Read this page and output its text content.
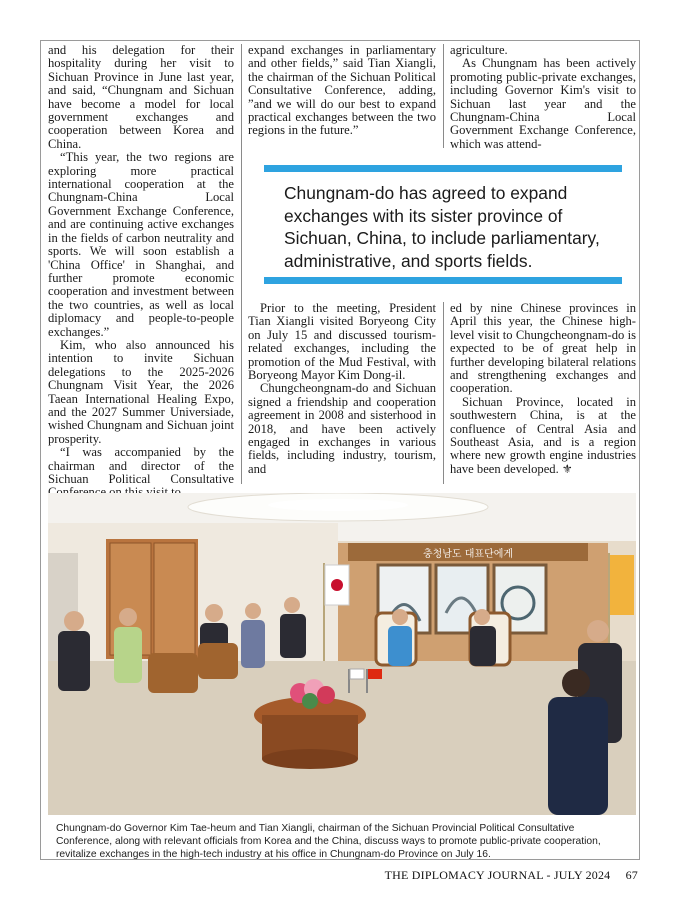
and his delegation for their hospitality during her visit to Sichuan Province in June last year, and said, “Chungnam and Sichuan have become a model for local government exchanges and cooperation between Korea and China.

“This year, the two regions are exploring more practical international cooperation at the Chungnam-China Local Government Exchange Conference, and are continuing active exchanges in the fields of carbon neutrality and sports. We will soon establish a 'China Office' in Shanghai, and further promote economic cooperation and investment between the two countries, as well as local diplomacy and people-to-people exchanges.”

Kim, who also announced his intention to invite Sichuan delegations to the 2025-2026 Chungnam Visit Year, the 2026 Taean International Healing Expo, and the 2027 Summer Universiade, wished Chungnam and Sichuan joint prosperity.

“I was accompanied by the chairman and director of the Sichuan Political Consultative

expand exchanges in parliamentary and other fields,” said Tian Xiangli, the chairman of the Sichuan Political Consultative Conference, adding, ”and we will do our best to expand practical exchanges between the two regions in the future.”

agriculture.

As Chungnam has been actively promoting public-private exchanges, including Governor Kim's visit to Sichuan last year and the Chungnam-China Local Government Exchange Conference, which was attend-

Chungnam-do has agreed to expand exchanges with its sister province of Sichuan, China, to include parliamentary, administrative, and sports fields.

Prior to the meeting, President Tian Xiangli visited Boryeong City on July 15 and discussed tourism-related exchanges, including the promotion of the Mud Festival, with Boryeong Mayor Kim Dong-il.

Chungcheongnam-do and Sichuan signed a friendship and cooperation agreement in 2008 and sisterhood in 2018, and have been actively engaged in exchanges in various fields, including industry, tourism, and

ed by nine Chinese provinces in April this year, the Chinese high-level visit to Chungcheongnam-do is expected to be of great help in further developing bilateral relations and strengthening exchanges and cooperation.

Sichuan Province, located in southwestern China, is at the confluence of Central Asia and Southeast Asia, and is a region where new growth engine industries have been developed. ⚜

충청남도 대표단에게
Chungnam-do Governor Kim Tae-heum and Tian Xiangli, chairman of the Sichuan Provincial Political Consultative Conference, along with relevant officials from Korea and the China, discuss ways to promote public-private cooperation, revitalize exchanges in the high-tech industry at his office in Chungnam-do Province on July 16.
THE DIPLOMACY JOURNAL - JULY 2024 67
